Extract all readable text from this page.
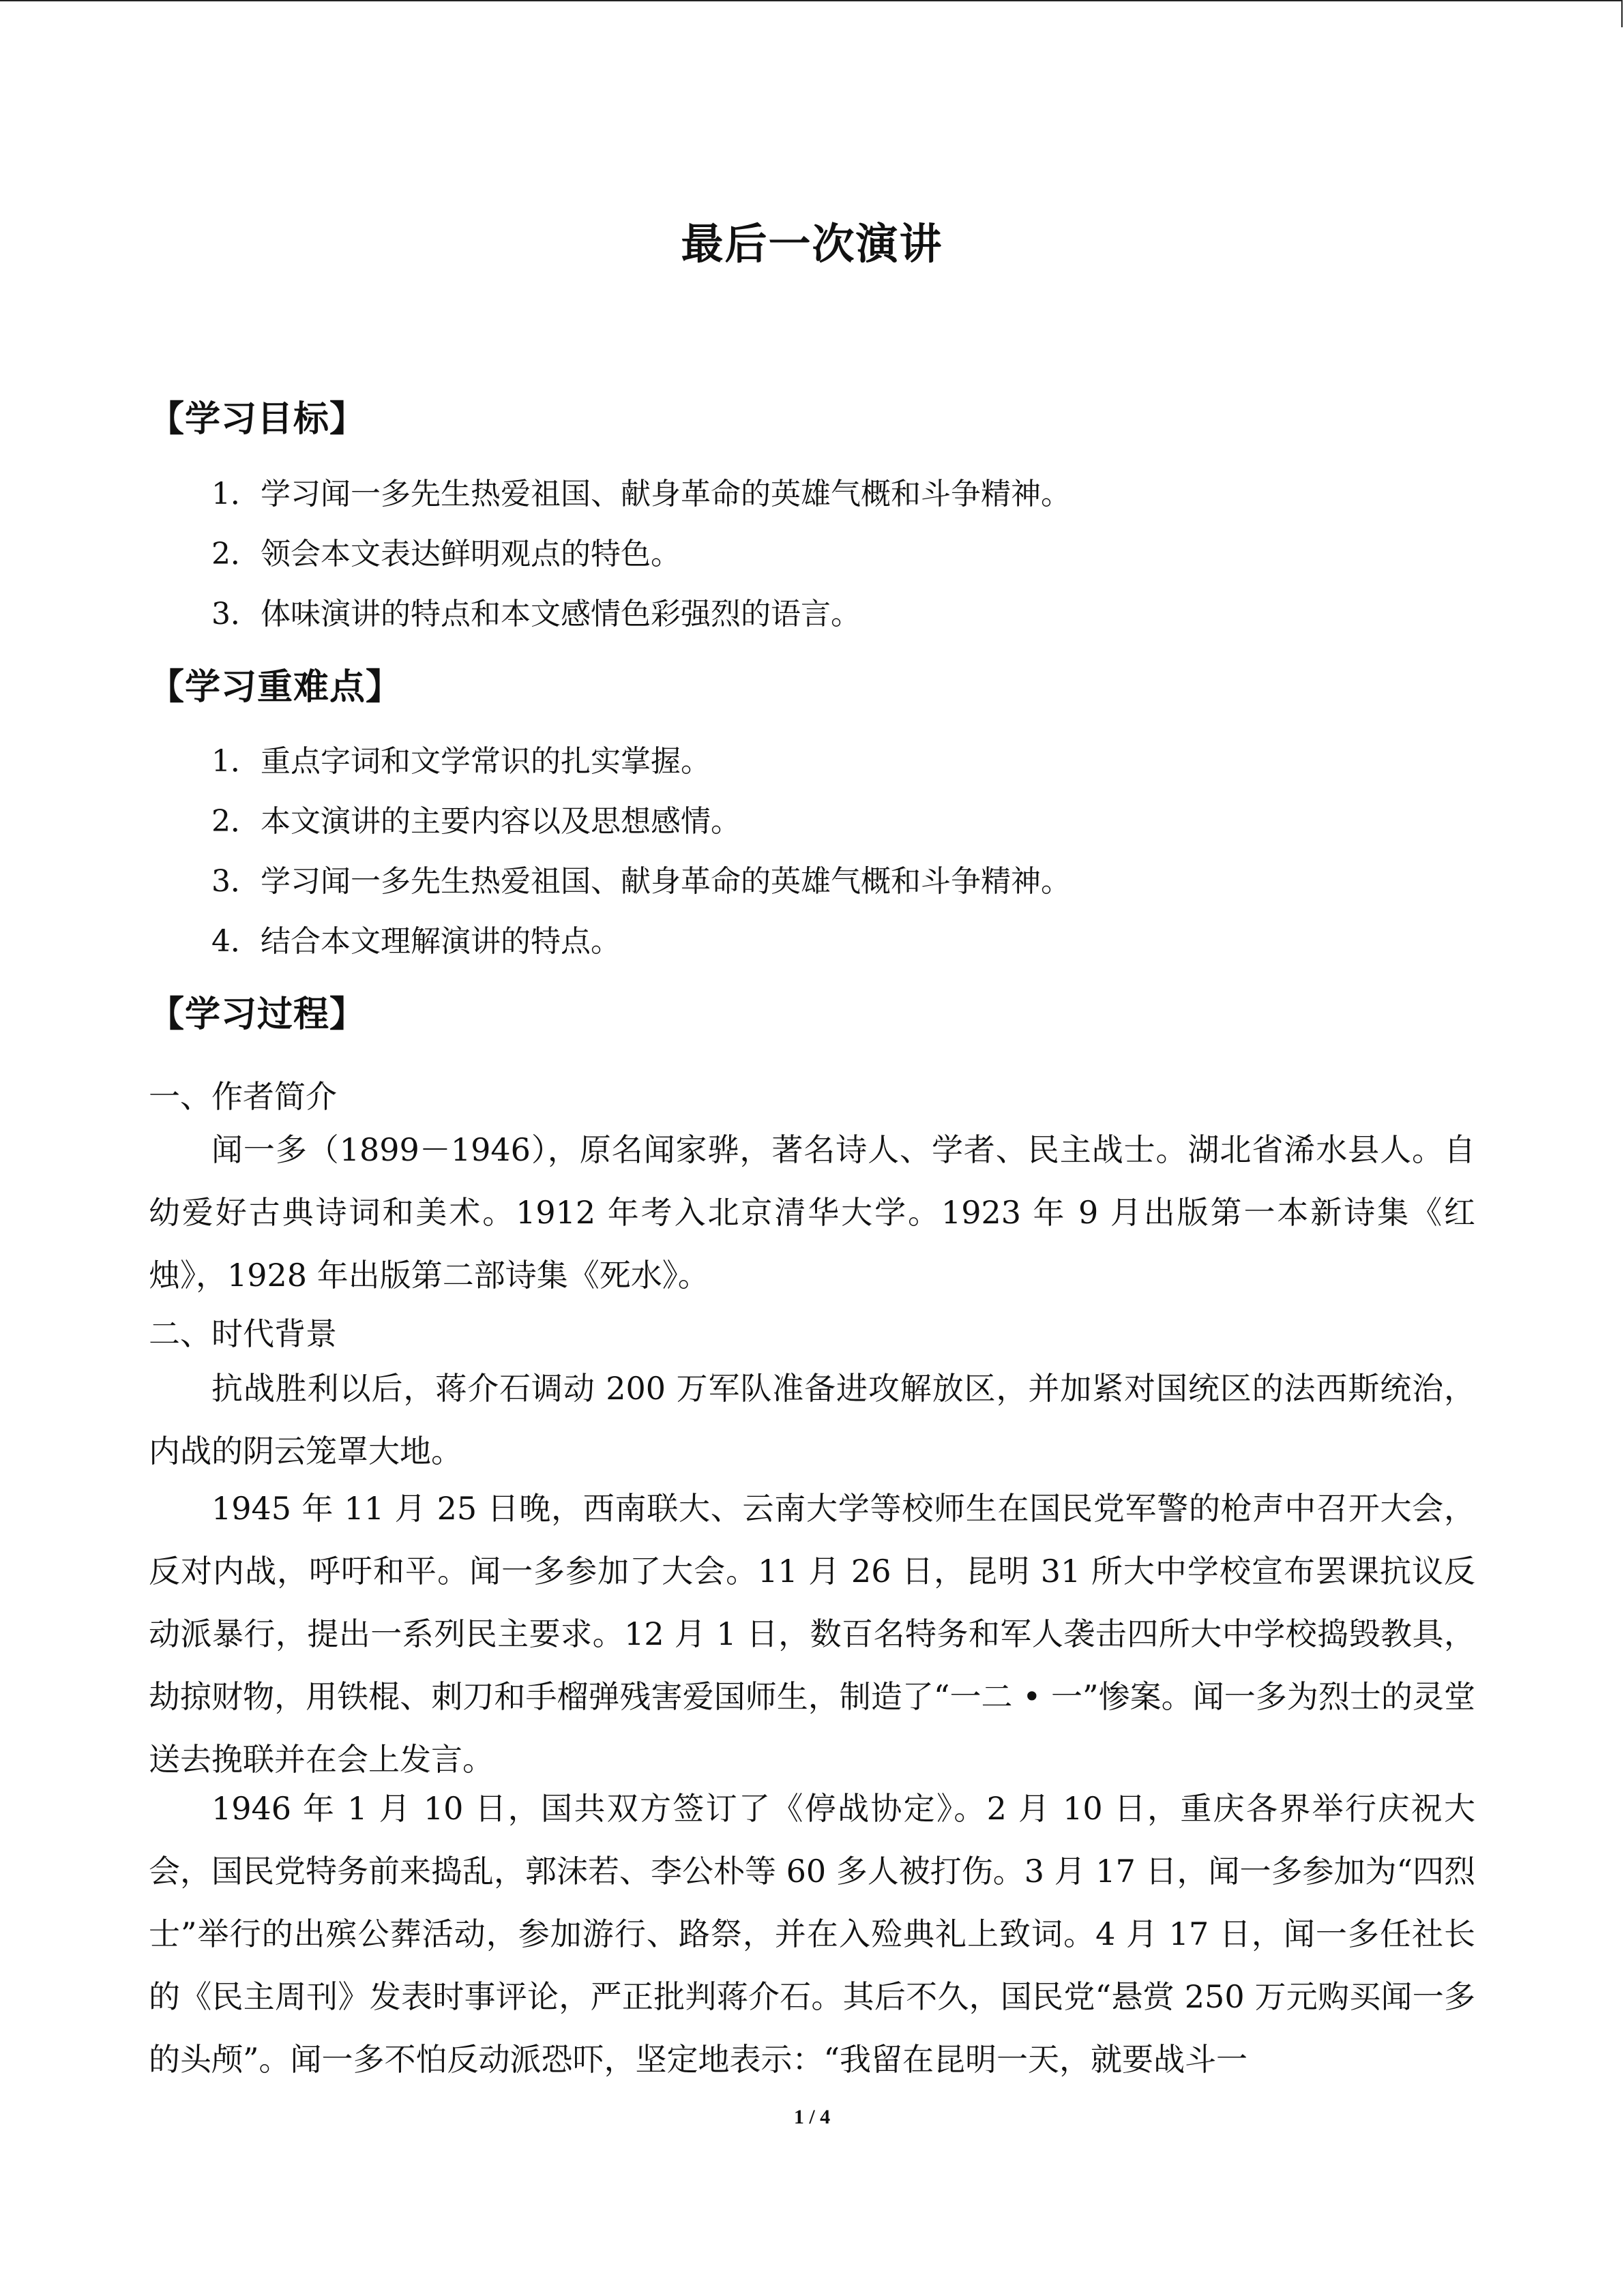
最后一次演讲
【学习目标】
1．学习闻一多先生热爱祖国、献身革命的英雄气概和斗争精神。
2．领会本文表达鲜明观点的特色。
3．体味演讲的特点和本文感情色彩强烈的语言。
【学习重难点】
1．重点字词和文学常识的扎实掌握。
2．本文演讲的主要内容以及思想感情。
3．学习闻一多先生热爱祖国、献身革命的英雄气概和斗争精神。
4．结合本文理解演讲的特点。
【学习过程】
一、作者简介
闻一多（1899－1946），原名闻家骅，著名诗人、学者、民主战士。湖北省浠水县人。自幼爱好古典诗词和美术。1912 年考入北京清华大学。1923 年 9 月出版第一本新诗集《红烛》，1928 年出版第二部诗集《死水》。
二、时代背景
抗战胜利以后，蒋介石调动 200 万军队准备进攻解放区，并加紧对国统区的法西斯统治，内战的阴云笼罩大地。
1945 年 11 月 25 日晚，西南联大、云南大学等校师生在国民党军警的枪声中召开大会，反对内战，呼吁和平。闻一多参加了大会。11 月 26 日，昆明 31 所大中学校宣布罢课抗议反动派暴行，提出一系列民主要求。12 月 1 日，数百名特务和军人袭击四所大中学校捣毁教具，劫掠财物，用铁棍、刺刀和手榴弹残害爱国师生，制造了“一二 • 一”惨案。闻一多为烈士的灵堂送去挽联并在会上发言。
1946 年 1 月 10 日，国共双方签订了《停战协定》。2 月 10 日，重庆各界举行庆祝大会，国民党特务前来捣乱，郭沫若、李公朴等 60 多人被打伤。3 月 17 日，闻一多参加为“四烈士”举行的出殡公葬活动，参加游行、路祭，并在入殓典礼上致词。4 月 17 日，闻一多任社长的《民主周刊》发表时事评论，严正批判蒋介石。其后不久，国民党“悬赏 250 万元购买闻一多的头颅”。闻一多不怕反动派恐吓，坚定地表示：“我留在昆明一天，就要战斗一
1 / 4
